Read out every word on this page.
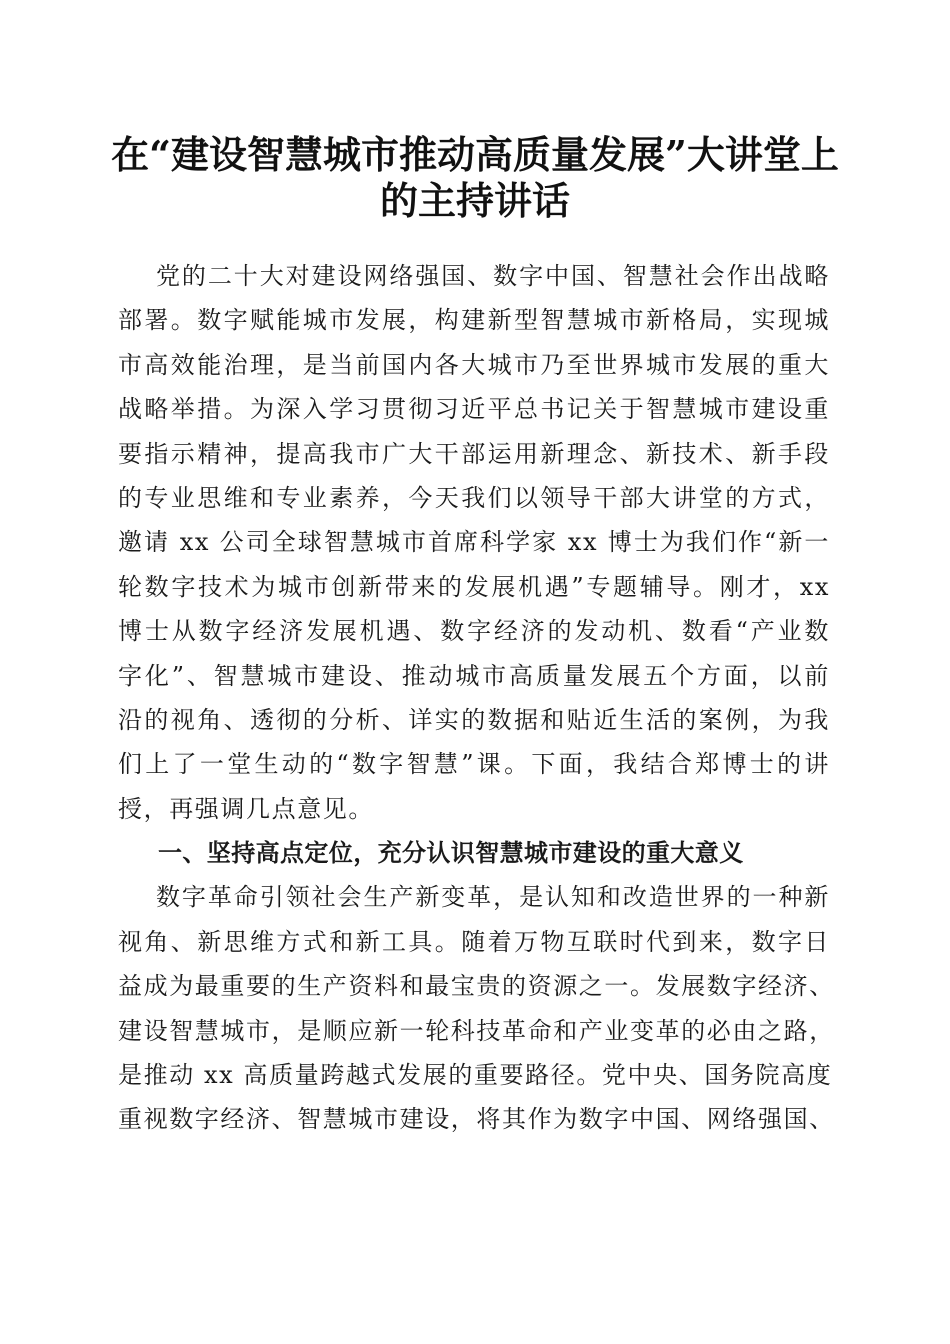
在“建设智慧城市推动高质量发展”大讲堂上
的主持讲话
党的二十大对建设网络强国、数字中国、智慧社会作出战略
部署。数字赋能城市发展，构建新型智慧城市新格局，实现城
市高效能治理，是当前国内各大城市乃至世界城市发展的重大
战略举措。为深入学习贯彻习近平总书记关于智慧城市建设重
要指示精神，提高我市广大干部运用新理念、新技术、新手段
的专业思维和专业素养，今天我们以领导干部大讲堂的方式，
邀请 xx 公司全球智慧城市首席科学家 xx 博士为我们作“新一
轮数字技术为城市创新带来的发展机遇”专题辅导。刚才，xx
博士从数字经济发展机遇、数字经济的发动机、数看“产业数
字化”、智慧城市建设、推动城市高质量发展五个方面，以前
沿的视角、透彻的分析、详实的数据和贴近生活的案例，为我
们上了一堂生动的“数字智慧”课。下面，我结合郑博士的讲
授，再强调几点意见。
一、坚持高点定位，充分认识智慧城市建设的重大意义
数字革命引领社会生产新变革，是认知和改造世界的一种新
视角、新思维方式和新工具。随着万物互联时代到来，数字日
益成为最重要的生产资料和最宝贵的资源之一。发展数字经济、
建设智慧城市，是顺应新一轮科技革命和产业变革的必由之路，
是推动 xx 高质量跨越式发展的重要路径。党中央、国务院高度
重视数字经济、智慧城市建设，将其作为数字中国、网络强国、
